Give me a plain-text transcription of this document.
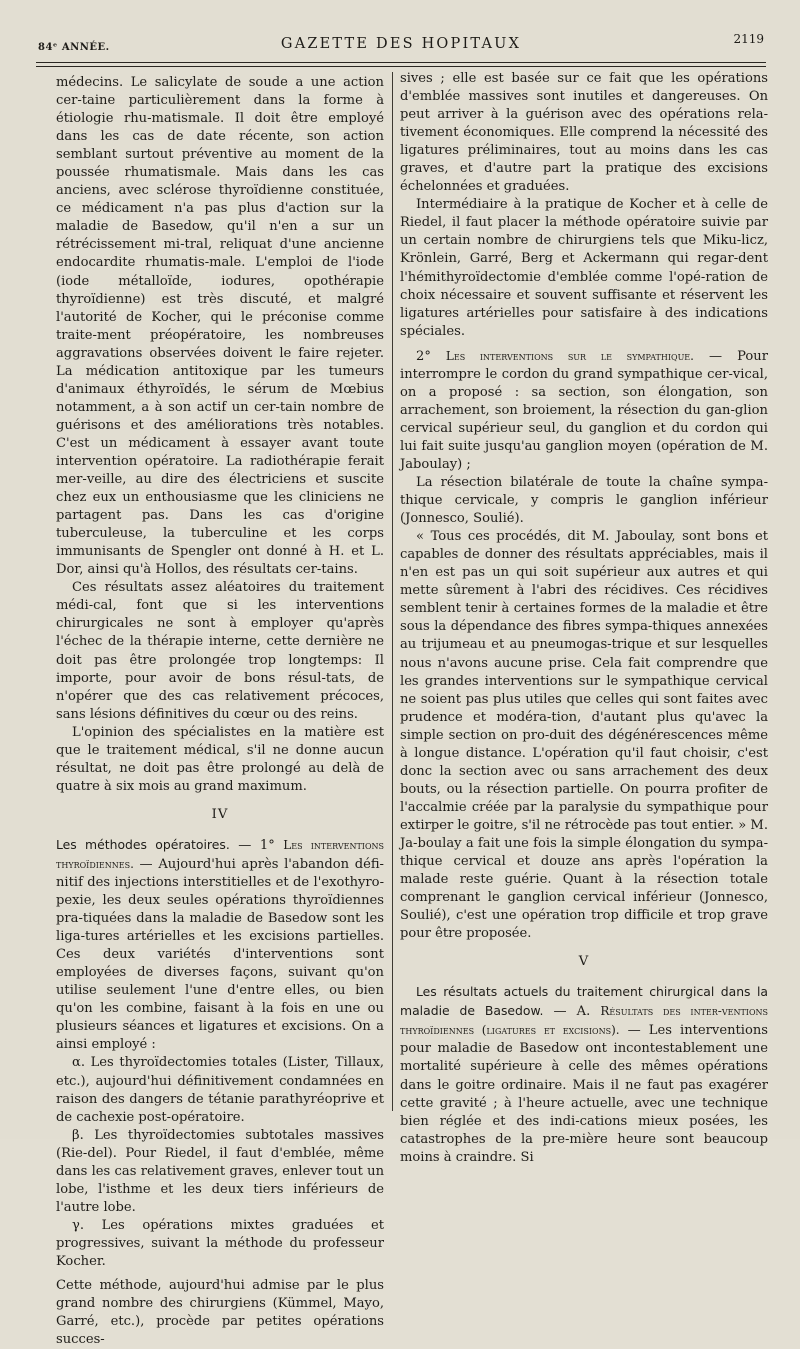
84ᵉ ANNÉE.	GAZETTE DES HOPITAUX	2119

médecins. Le salicylate de soude a une action cer-taine particulièrement dans la forme à étiologie rhu-matismale. Il doit être employé dans les cas de date récente, son action semblant surtout préventive au moment de la poussée rhumatismale. Mais dans les cas anciens, avec sclérose thyroïdienne constituée, ce médicament n'a pas plus d'action sur la maladie de Basedow, qu'il n'en a sur un rétrécissement mi-tral, reliquat d'une ancienne endocardite rhumatis-male. L'emploi de l'iode (iode métalloïde, iodures, opothérapie thyroïdienne) est très discuté, et malgré l'autorité de Kocher, qui le préconise comme traite-ment préopératoire, les nombreuses aggravations observées doivent le faire rejeter. La médication antitoxique par les tumeurs d'animaux éthyroïdés, le sérum de Mœbius notamment, a à son actif un cer-tain nombre de guérisons et des améliorations très notables. C'est un médicament à essayer avant toute intervention opératoire. La radiothérapie ferait mer-veille, au dire des électriciens et suscite chez eux un enthousiasme que les cliniciens ne partagent pas. Dans les cas d'origine tuberculeuse, la tuberculine et les corps immunisants de Spengler ont donné à H. et L. Dor, ainsi qu'à Hollos, des résultats cer-tains.

Ces résultats assez aléatoires du traitement médi-cal, font que si les interventions chirurgicales ne sont à employer qu'après l'échec de la thérapie interne, cette dernière ne doit pas être prolongée trop longtemps: Il importe, pour avoir de bons résul-tats, de n'opérer que des cas relativement précoces, sans lésions définitives du cœur ou des reins.

L'opinion des spécialistes en la matière est que le traitement médical, s'il ne donne aucun résultat, ne doit pas être prolongé au delà de quatre à six mois au grand maximum.

IV

Les méthodes opératoires. — 1° Les interventions thyroïdiennes. — Aujourd'hui après l'abandon défi-nitif des injections interstitielles et de l'exothyro-pexie, les deux seules opérations thyroïdiennes pra-tiquées dans la maladie de Basedow sont les liga-tures artérielles et les excisions partielles. Ces deux variétés d'interventions sont employées de diverses façons, suivant qu'on utilise seulement l'une d'entre elles, ou bien qu'on les combine, faisant à la fois en une ou plusieurs séances et ligatures et excisions. On a ainsi employé :

α. Les thyroïdectomies totales (Lister, Tillaux, etc.), aujourd'hui définitivement condamnées en raison des dangers de tétanie parathyréoprive et de cachexie post-opératoire.

β. Les thyroïdectomies subtotales massives (Rie-del). Pour Riedel, il faut d'emblée, même dans les cas relativement graves, enlever tout un lobe, l'isthme et les deux tiers inférieurs de l'autre lobe.

γ. Les opérations mixtes graduées et progressives, suivant la méthode du professeur Kocher.

Cette méthode, aujourd'hui admise par le plus grand nombre des chirurgiens (Kümmel, Mayo, Garré, etc.), procède par petites opérations succes-

sives ; elle est basée sur ce fait que les opérations d'emblée massives sont inutiles et dangereuses. On peut arriver à la guérison avec des opérations rela-tivement économiques. Elle comprend la nécessité des ligatures préliminaires, tout au moins dans les cas graves, et d'autre part la pratique des excisions échelonnées et graduées.

Intermédiaire à la pratique de Kocher et à celle de Riedel, il faut placer la méthode opératoire suivie par un certain nombre de chirurgiens tels que Miku-licz, Krönlein, Garré, Berg et Ackermann qui regar-dent l'hémithyroïdectomie d'emblée comme l'opé-ration de choix nécessaire et souvent suffisante et réservent les ligatures artérielles pour satisfaire à des indications spéciales.

2° Les interventions sur le sympathique. — Pour interrompre le cordon du grand sympathique cer-vical, on a proposé : sa section, son élongation, son arrachement, son broiement, la résection du gan-glion cervical supérieur seul, du ganglion et du cordon qui lui fait suite jusqu'au ganglion moyen (opération de M. Jaboulay) ;

La résection bilatérale de toute la chaîne sympa-thique cervicale, y compris le ganglion inférieur (Jonnesco, Soulié).

« Tous ces procédés, dit M. Jaboulay, sont bons et capables de donner des résultats appréciables, mais il n'en est pas un qui soit supérieur aux autres et qui mette sûrement à l'abri des récidives. Ces récidives semblent tenir à certaines formes de la maladie et être sous la dépendance des fibres sympa-thiques annexées au trijumeau et au pneumogas-trique et sur lesquelles nous n'avons aucune prise. Cela fait comprendre que les grandes interventions sur le sympathique cervical ne soient pas plus utiles que celles qui sont faites avec prudence et modéra-tion, d'autant plus qu'avec la simple section on pro-duit des dégénérescences même à longue distance. L'opération qu'il faut choisir, c'est donc la section avec ou sans arrachement des deux bouts, ou la résection partielle. On pourra profiter de l'accalmie créée par la paralysie du sympathique pour extirper le goitre, s'il ne rétrocède pas tout entier. » M. Ja-boulay a fait une fois la simple élongation du sympa-thique cervical et douze ans après l'opération la malade reste guérie. Quant à la résection totale comprenant le ganglion cervical inférieur (Jonnesco, Soulié), c'est une opération trop difficile et trop grave pour être proposée.

V

Les résultats actuels du traitement chirurgical dans la maladie de Basedow. — A. Résultats des inter-ventions thyroïdiennes (ligatures et excisions). — Les interventions pour maladie de Basedow ont incontestablement une mortalité supérieure à celle des mêmes opérations dans le goitre ordinaire. Mais il ne faut pas exagérer cette gravité ; à l'heure actuelle, avec une technique bien réglée et des indi-cations mieux posées, les catastrophes de la pre-mière heure sont beaucoup moins à craindre. Si
